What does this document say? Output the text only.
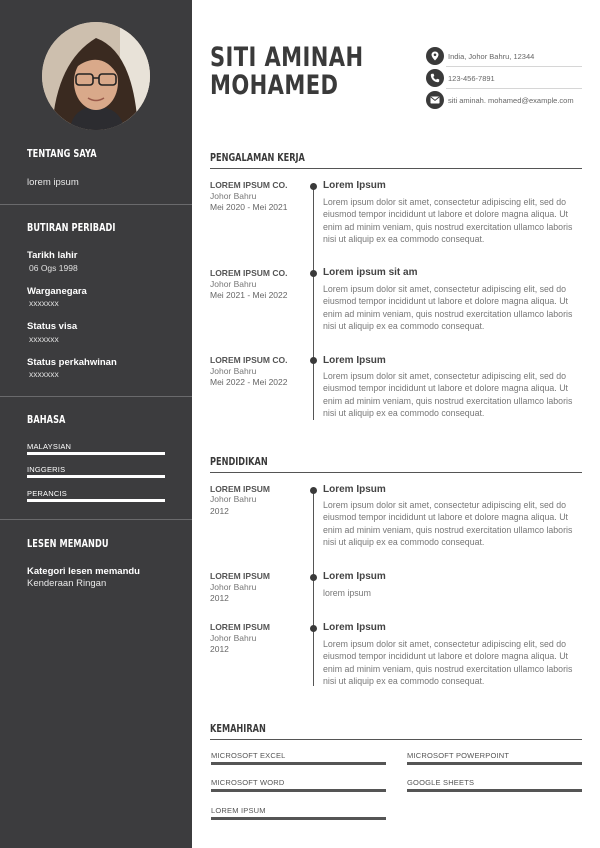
TENTANG SAYA
lorem ipsum
BUTIRAN PERIBADI
Tarikh lahir
06 Ogs 1998
Warganegara
xxxxxxx
Status visa
xxxxxxx
Status perkahwinan
xxxxxxx
BAHASA
MALAYSIAN
INGGERIS
PERANCIS
LESEN MEMANDU
Kategori lesen memandu
Kenderaan Ringan
SITI AMINAH
MOHAMED
India, Johor Bahru, 12344
123-456-7891
siti aminah. mohamed@example.com
PENGALAMAN KERJA
LOREM IPSUM CO.
Johor Bahru
Mei 2020 - Mei 2021
Lorem Ipsum
Lorem ipsum dolor sit amet, consectetur adipiscing elit, sed do eiusmod tempor incididunt ut labore et dolore magna aliqua. Ut enim ad minim veniam, quis nostrud exercitation ullamco laboris nisi ut aliquip ex ea commodo consequat.
LOREM IPSUM CO.
Johor Bahru
Mei 2021 - Mei 2022
Lorem ipsum sit am
Lorem ipsum dolor sit amet, consectetur adipiscing elit, sed do eiusmod tempor incididunt ut labore et dolore magna aliqua. Ut enim ad minim veniam, quis nostrud exercitation ullamco laboris nisi ut aliquip ex ea commodo consequat.
LOREM IPSUM CO.
Johor Bahru
Mei 2022 - Mei 2022
Lorem Ipsum
Lorem ipsum dolor sit amet, consectetur adipiscing elit, sed do eiusmod tempor incididunt ut labore et dolore magna aliqua. Ut enim ad minim veniam, quis nostrud exercitation ullamco laboris nisi ut aliquip ex ea commodo consequat.
PENDIDIKAN
LOREM IPSUM
Johor Bahru
2012
Lorem Ipsum
Lorem ipsum dolor sit amet, consectetur adipiscing elit, sed do eiusmod tempor incididunt ut labore et dolore magna aliqua. Ut enim ad minim veniam, quis nostrud exercitation ullamco laboris nisi ut aliquip ex ea commodo consequat.
LOREM IPSUM
Johor Bahru
2012
Lorem Ipsum
lorem ipsum
LOREM IPSUM
Johor Bahru
2012
Lorem Ipsum
Lorem ipsum dolor sit amet, consectetur adipiscing elit, sed do eiusmod tempor incididunt ut labore et dolore magna aliqua. Ut enim ad minim veniam, quis nostrud exercitation ullamco laboris nisi ut aliquip ex ea commodo consequat.
KEMAHIRAN
MICROSOFT EXCEL	MICROSOFT POWERPOINT
MICROSOFT WORD	GOOGLE SHEETS
LOREM IPSUM
